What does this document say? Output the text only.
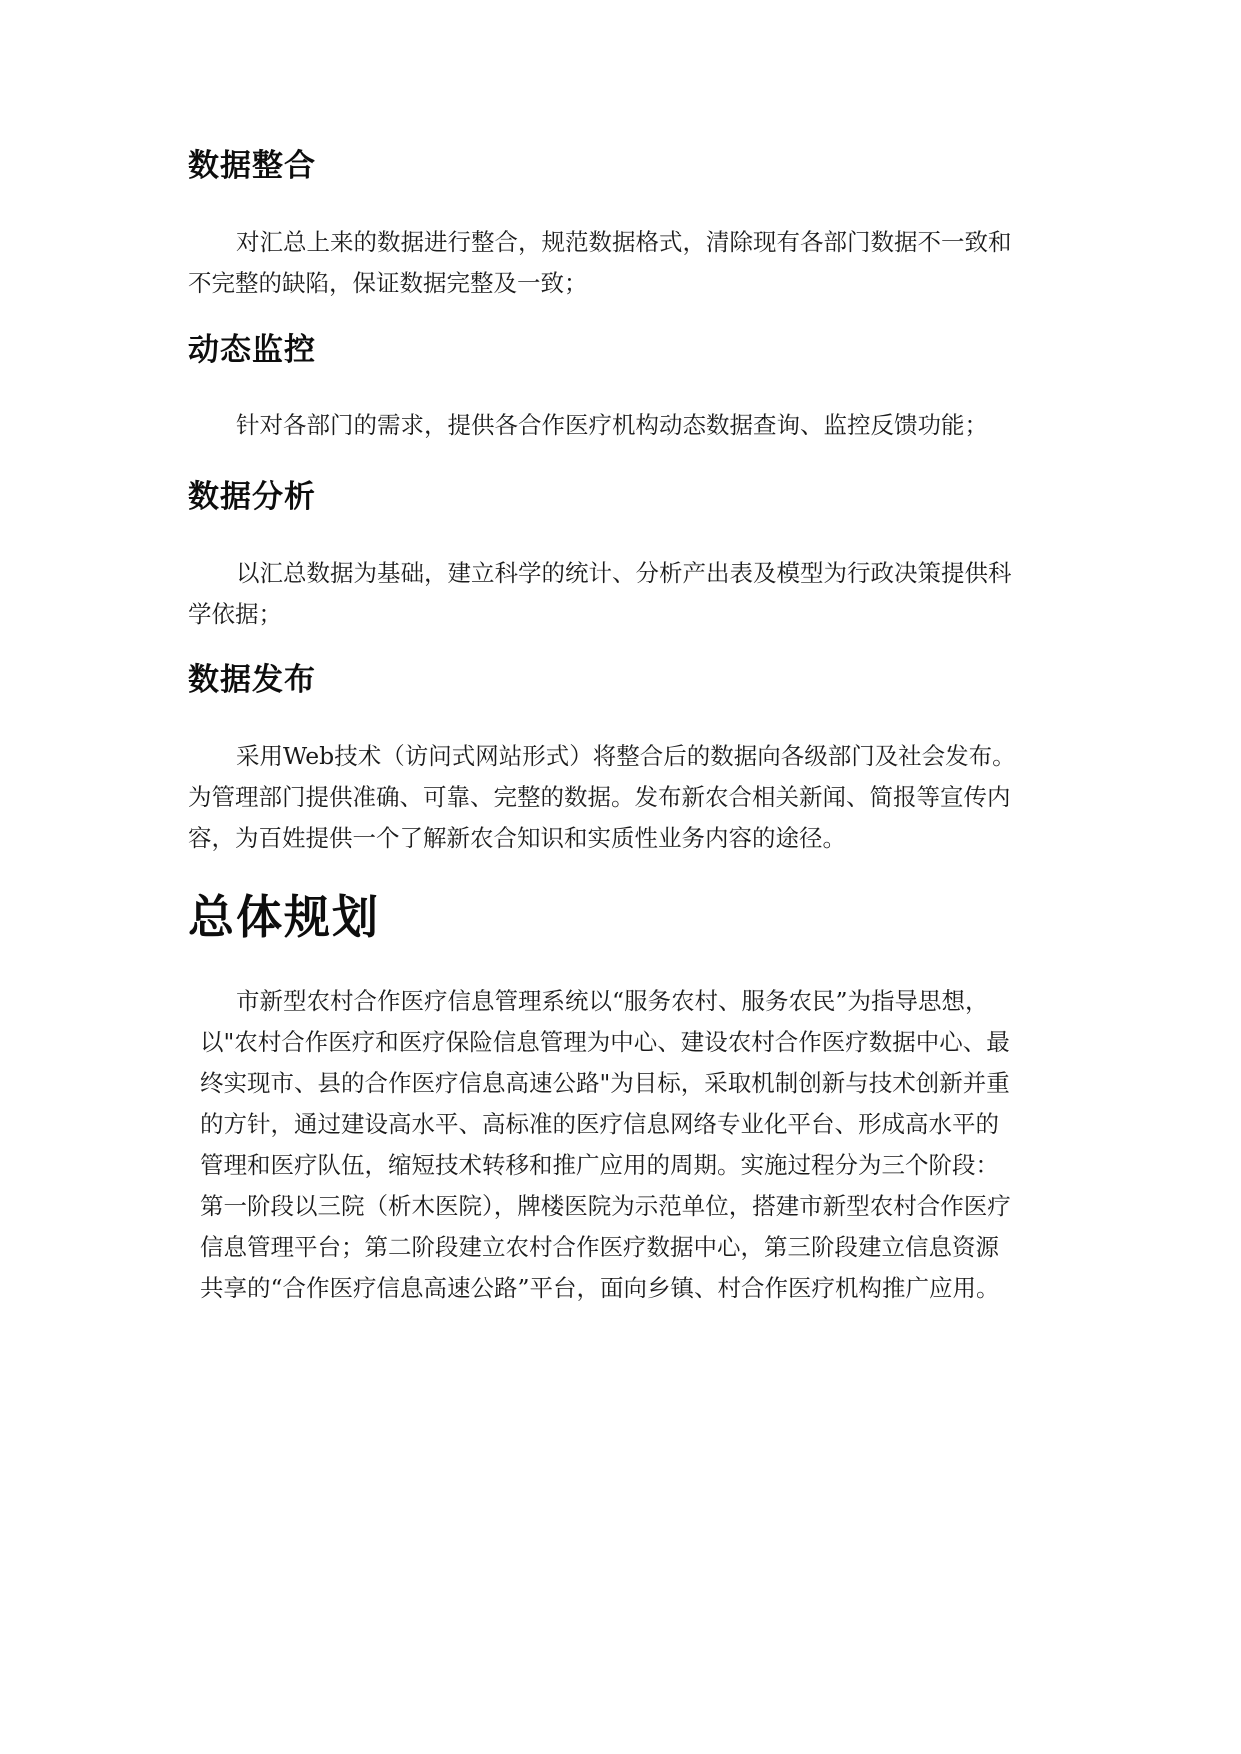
数据整合
对汇总上来的数据进行整合，规范数据格式，清除现有各部门数据不一致和
不完整的缺陷，保证数据完整及一致；
动态监控
针对各部门的需求，提供各合作医疗机构动态数据查询、监控反馈功能；
数据分析
以汇总数据为基础，建立科学的统计、分析产出表及模型为行政决策提供科
学依据；
数据发布
采用Web技术（访问式网站形式）将整合后的数据向各级部门及社会发布。
为管理部门提供准确、可靠、完整的数据。发布新农合相关新闻、简报等宣传内
容，为百姓提供一个了解新农合知识和实质性业务内容的途径。
总体规划
市新型农村合作医疗信息管理系统以“服务农村、服务农民”为指导思想，
以"农村合作医疗和医疗保险信息管理为中心、建设农村合作医疗数据中心、最
终实现市、县的合作医疗信息高速公路"为目标，采取机制创新与技术创新并重
的方针，通过建设高水平、高标准的医疗信息网络专业化平台、形成高水平的
管理和医疗队伍，缩短技术转移和推广应用的周期。实施过程分为三个阶段：
第一阶段以三院（析木医院），牌楼医院为示范单位，搭建市新型农村合作医疗
信息管理平台；第二阶段建立农村合作医疗数据中心，第三阶段建立信息资源
共享的“合作医疗信息高速公路”平台，面向乡镇、村合作医疗机构推广应用。
